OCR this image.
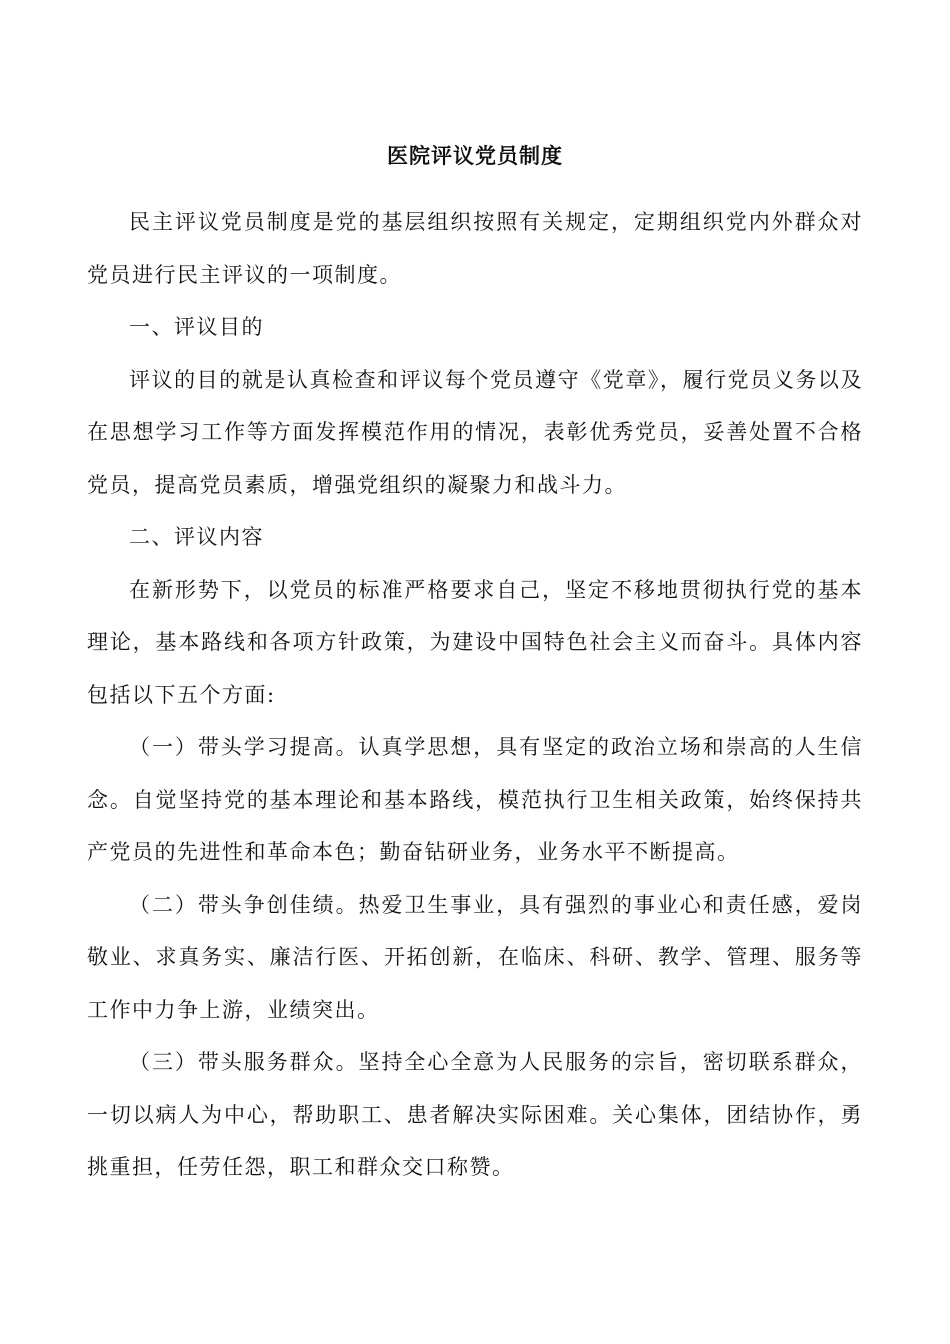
医院评议党员制度

民主评议党员制度是党的基层组织按照有关规定，定期组织党内外群众对党员进行民主评议的一项制度。

一、评议目的

评议的目的就是认真检查和评议每个党员遵守《党章》，履行党员义务以及在思想学习工作等方面发挥模范作用的情况，表彰优秀党员，妥善处置不合格党员，提高党员素质，增强党组织的凝聚力和战斗力。

二、评议内容

在新形势下，以党员的标准严格要求自己，坚定不移地贯彻执行党的基本理论，基本路线和各项方针政策，为建设中国特色社会主义而奋斗。具体内容包括以下五个方面:

（一）带头学习提高。认真学思想，具有坚定的政治立场和崇高的人生信念。自觉坚持党的基本理论和基本路线，模范执行卫生相关政策，始终保持共产党员的先进性和革命本色；勤奋钻研业务，业务水平不断提高。

（二）带头争创佳绩。热爱卫生事业，具有强烈的事业心和责任感，爱岗敬业、求真务实、廉洁行医、开拓创新，在临床、科研、教学、管理、服务等工作中力争上游，业绩突出。

（三）带头服务群众。坚持全心全意为人民服务的宗旨，密切联系群众，一切以病人为中心，帮助职工、患者解决实际困难。关心集体，团结协作，勇挑重担，任劳任怨，职工和群众交口称赞。
